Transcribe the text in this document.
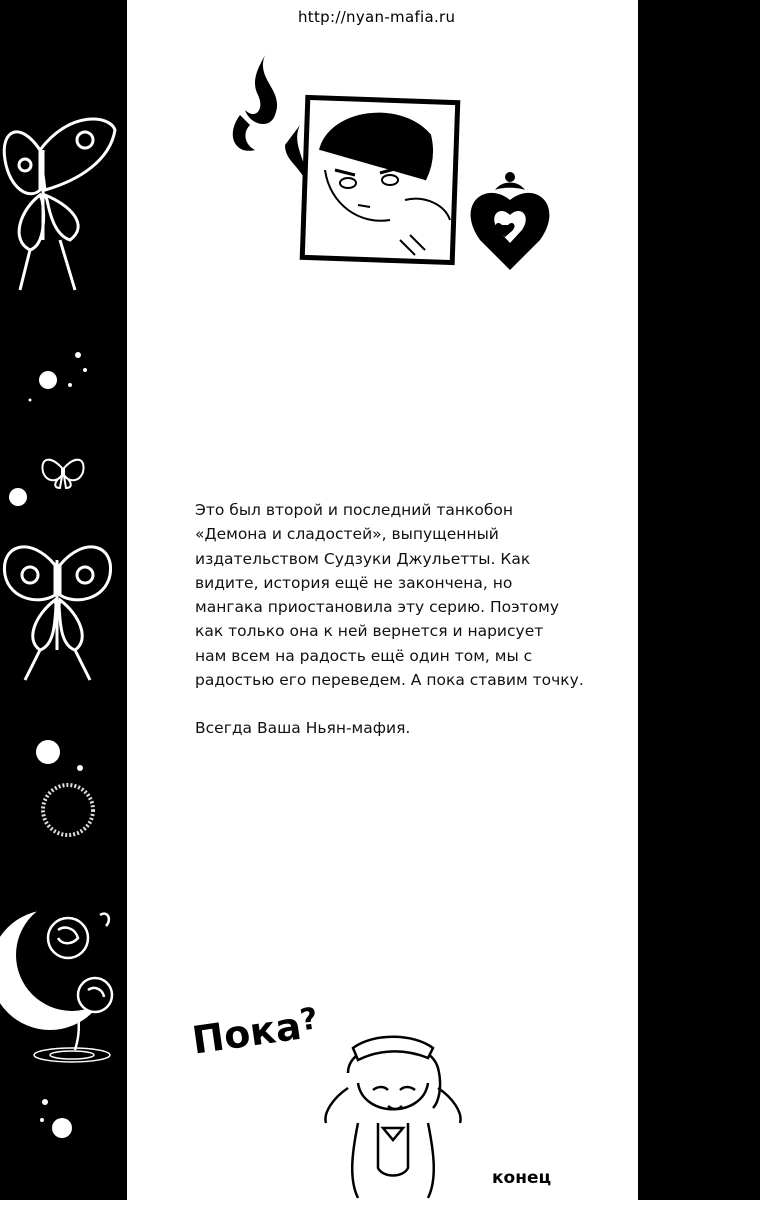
http://nyan-mafia.ru

Это был второй и последний танкобон

«Демона и сладостей», выпущенный

издательством Судзуки Джульетты. Как

видите, история ещё не закончена, но

мангака приостановила эту серию. Поэтому

как только она к ней вернется и нарисует

нам всем на радость ещё один том, мы с

радостью его переведем. А пока ставим точку.

Всегда Ваша Ньян-мафия.

Пока?
конец
